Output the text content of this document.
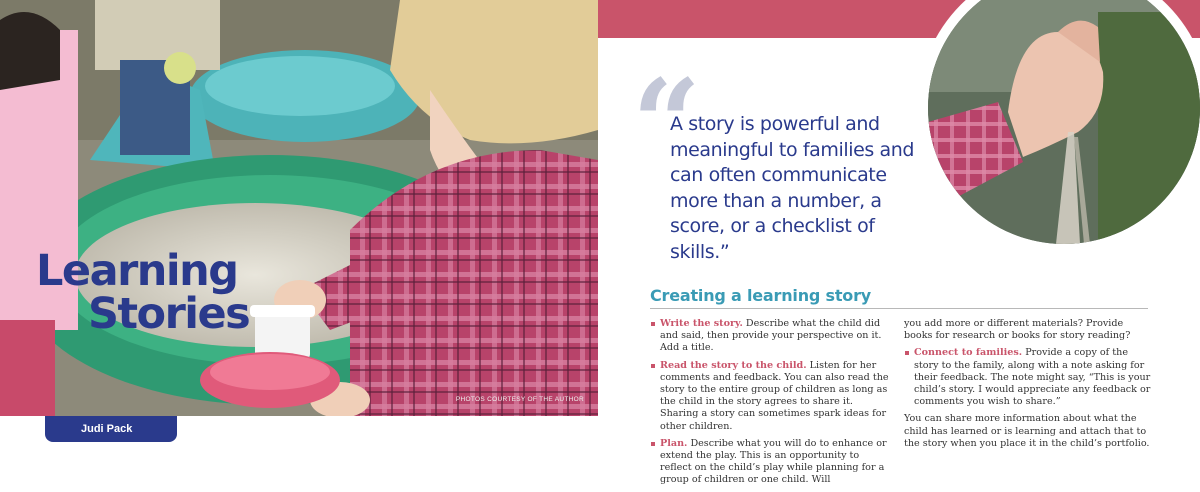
PHOTOS COURTESY OF THE AUTHOR
Learning
Stories
Judi Pack
“
A story is powerful and meaningful to families and can often communicate more than a number, a score, or a checklist of skills.”
Creating a learning story
Write the story. Describe what the child did and said, then provide your perspective on it. Add a title.
Read the story to the child. Listen for her comments and feedback. You can also read the story to the entire group of children as long as the child in the story agrees to share it. Sharing a story can sometimes spark ideas for other children.
Plan. Describe what you will do to enhance or extend the play. This is an opportunity to reflect on the child’s play while planning for a group of children or one child. Will

you add more or different materials? Provide books for research or books for story reading?

Connect to families. Provide a copy of the story to the family, along with a note asking for their feedback. The note might say, “This is your child’s story. I would appreciate any feedback or comments you wish to share.”

You can share more information about what the child has learned or is learning and attach that to the story when you place it in the child’s portfolio.
